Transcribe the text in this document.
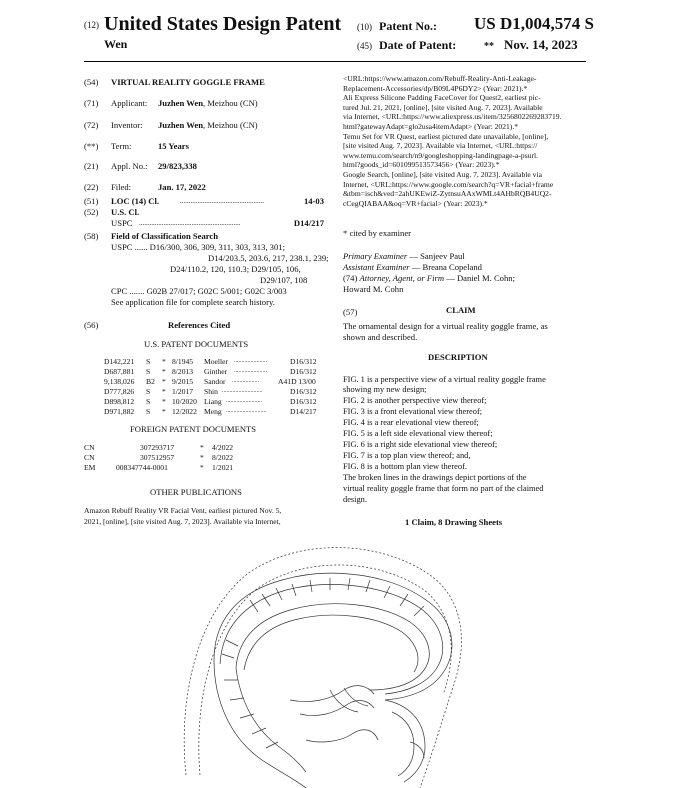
(12) United States Design Patent
Wen
(10) Patent No.: US D1,004,574 S
(45) Date of Patent:	** Nov. 14, 2023
(54) VIRTUAL REALITY GOGGLE FRAME
(71) Applicant: Juzhen Wen, Meizhou (CN)
(72) Inventor: Juzhen Wen, Meizhou (CN)
(**) Term:	15 Years
(21) Appl. No.: 29/823,338
(22) Filed:	Jan. 17, 2022
(51) LOC (14) Cl.	................................................	14-03
(52) U.S. Cl.
USPC ..........................................................	D14/217
(58) Field of Classification Search
USPC ...... D16/300, 306, 309, 311, 303, 313, 301;
D14/203.5, 203.6, 217, 238.1, 239;
D24/110.2, 120, 110.3; D29/105, 106,
D29/107, 108
CPC ....... G02B 27/017; G02C 5/001; G02C 3/003
See application file for complete search history.
(56)	References Cited
U.S. PATENT DOCUMENTS
D142,221 S * 8/1945 Moeller ......................	D16/312
D687,881 S * 8/2013 Ginther ......................	D16/312
9,138,026 B2 * 9/2015 Sandor ..................	A41D 13/00
D777,826 S * 1/2017 Shin ...........................	D16/312
D898,812 S * 10/2020 Liang ........................	D16/312
D971,882 S * 12/2022 Meng ...........................	D14/217
FOREIGN PATENT DOCUMENTS
CN	307293717	* 4/2022
CN	307512957	* 8/2022
EM	008347744-0001	* 1/2021
OTHER PUBLICATIONS
Amazon Rebuff Reality VR Facial Vent, earliest pictured Nov. 5,
2021, [online], [site visited Aug. 7, 2023]. Available via Internet,
<URL:https://www.amazon.com/Rebuff-Reality-Anti-Leakage-
Replacement-Accessories/dp/B09L4P6DY2> (Year: 2021).*
Ali Express Silicone Padding FaceCover for Quest2, earliest pic-
tured Jul. 21, 2021, [online], [site visited Aug. 7, 2023]. Available
via Internet, <URL:https://www.aliexpress.us/item/3256802269283719.
html?gatewayAdapt=glo2usa4itemAdapt> (Year: 2021).*
Temu Set for VR Quest, earliest pictured date unavailable, [online],
[site visited Aug. 7, 2023]. Available via Internet, <URL:https://
www.temu.com/search/n9/googleshopping-landingpage-a-psurl.
html?goods_id=601099513573456> (Year: 2023).*
Google Search, [online], [site visited Aug. 7, 2023]. Available via
Internet, <URL:https://www.google.com/search?q=VR+facial+frame
&tbm=isch&ved=2ahUKEwiZ-ZytnsuAAxWMLt4AHbRQB4UQ2-
cCegQIABAA&oq=VR+facial> (Year: 2023).*
* cited by examiner
Primary Examiner — Sanjeev Paul
Assistant Examiner — Breana Copeland
(74) Attorney, Agent, or Firm — Daniel M. Cohn;
Howard M. Cohn
(57)	CLAIM
The ornamental design for a virtual reality goggle frame, as
shown and described.
DESCRIPTION
FIG. 1 is a perspective view of a virtual reality goggle frame
showing my new design;
FIG. 2 is another perspective view thereof;
FIG. 3 is a front elevational view thereof;
FIG. 4 is a rear elevational view thereof;
FIG. 5 is a left side elevational view thereof;
FIG. 6 is a right side elevational view thereof;
FIG. 7 is a top plan view thereof; and,
FIG. 8 is a bottom plan view thereof.
The broken lines in the drawings depict portions of the
virtual reality goggle frame that form no part of the claimed
design.
1 Claim, 8 Drawing Sheets
